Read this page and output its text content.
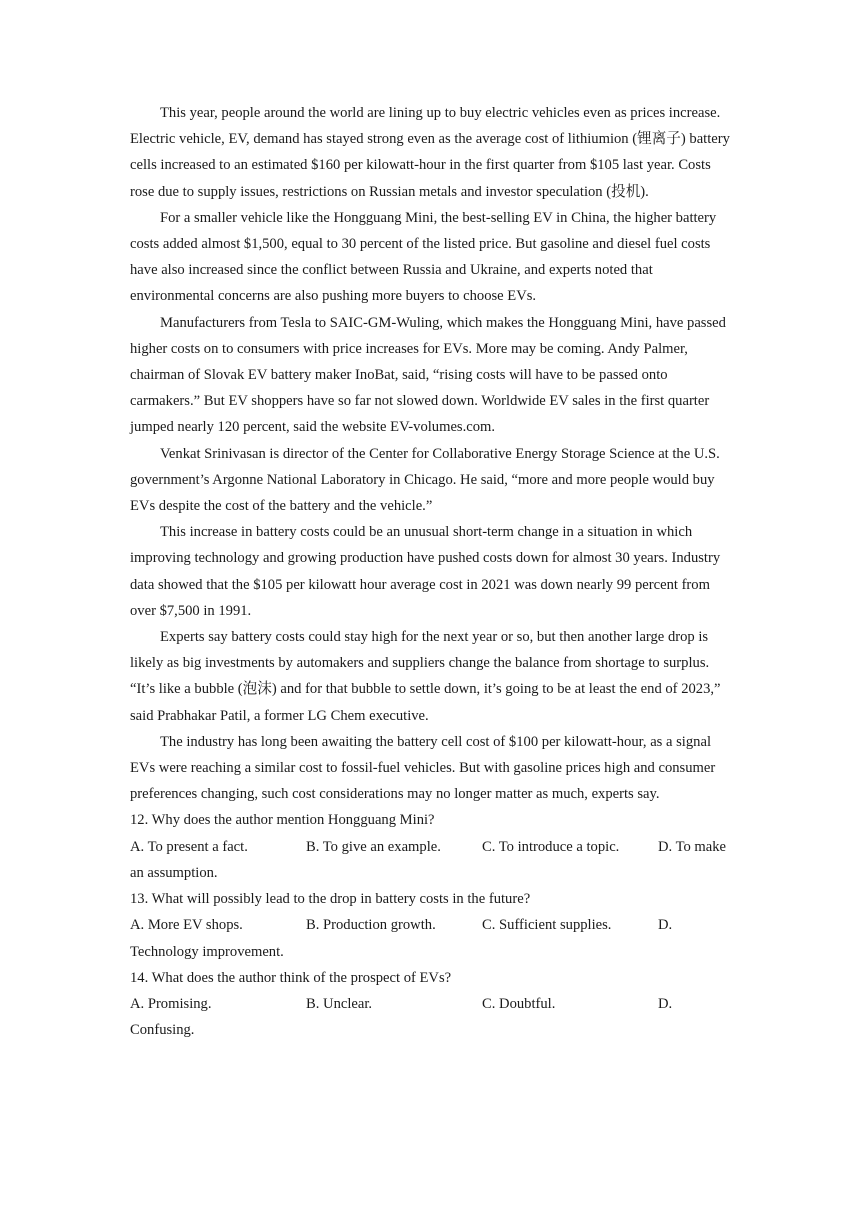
This year, people around the world are lining up to buy electric vehicles even as prices increase. Electric vehicle, EV, demand has stayed strong even as the average cost of lithiumion (锂离子) battery cells increased to an estimated $160 per kilowatt-hour in the first quarter from $105 last year. Costs rose due to supply issues, restrictions on Russian metals and investor speculation (投机).

For a smaller vehicle like the Hongguang Mini, the best-selling EV in China, the higher battery costs added almost $1,500, equal to 30 percent of the listed price. But gasoline and diesel fuel costs have also increased since the conflict between Russia and Ukraine, and experts noted that environmental concerns are also pushing more buyers to choose EVs.

Manufacturers from Tesla to SAIC-GM-Wuling, which makes the Hongguang Mini, have passed higher costs on to consumers with price increases for EVs. More may be coming. Andy Palmer, chairman of Slovak EV battery maker InoBat, said, “rising costs will have to be passed onto carmakers.” But EV shoppers have so far not slowed down. Worldwide EV sales in the first quarter jumped nearly 120 percent, said the website EV-volumes.com.

Venkat Srinivasan is director of the Center for Collaborative Energy Storage Science at the U.S. government’s Argonne National Laboratory in Chicago. He said, “more and more people would buy EVs despite the cost of the battery and the vehicle.”

This increase in battery costs could be an unusual short-term change in a situation in which improving technology and growing production have pushed costs down for almost 30 years. Industry data showed that the $105 per kilowatt hour average cost in 2021 was down nearly 99 percent from over $7,500 in 1991.

Experts say battery costs could stay high for the next year or so, but then another large drop is likely as big investments by automakers and suppliers change the balance from shortage to surplus. “It’s like a bubble (泡沫) and for that bubble to settle down, it’s going to be at least the end of 2023,” said Prabhakar Patil, a former LG Chem executive.

The industry has long been awaiting the battery cell cost of $100 per kilowatt-hour, as a signal EVs were reaching a similar cost to fossil-fuel vehicles. But with gasoline prices high and consumer preferences changing, such cost considerations may no longer matter as much, experts say.

12. Why does the author mention Hongguang Mini?

A. To present a fact.	B. To give an example.	C. To introduce a topic.	D. To make an assumption.

13. What will possibly lead to the drop in battery costs in the future?

A. More EV shops.	B. Production growth.	C. Sufficient supplies.	D. Technology improvement.

14. What does the author think of the prospect of EVs?

A. Promising.	B. Unclear.	C. Doubtful.	D. Confusing.
